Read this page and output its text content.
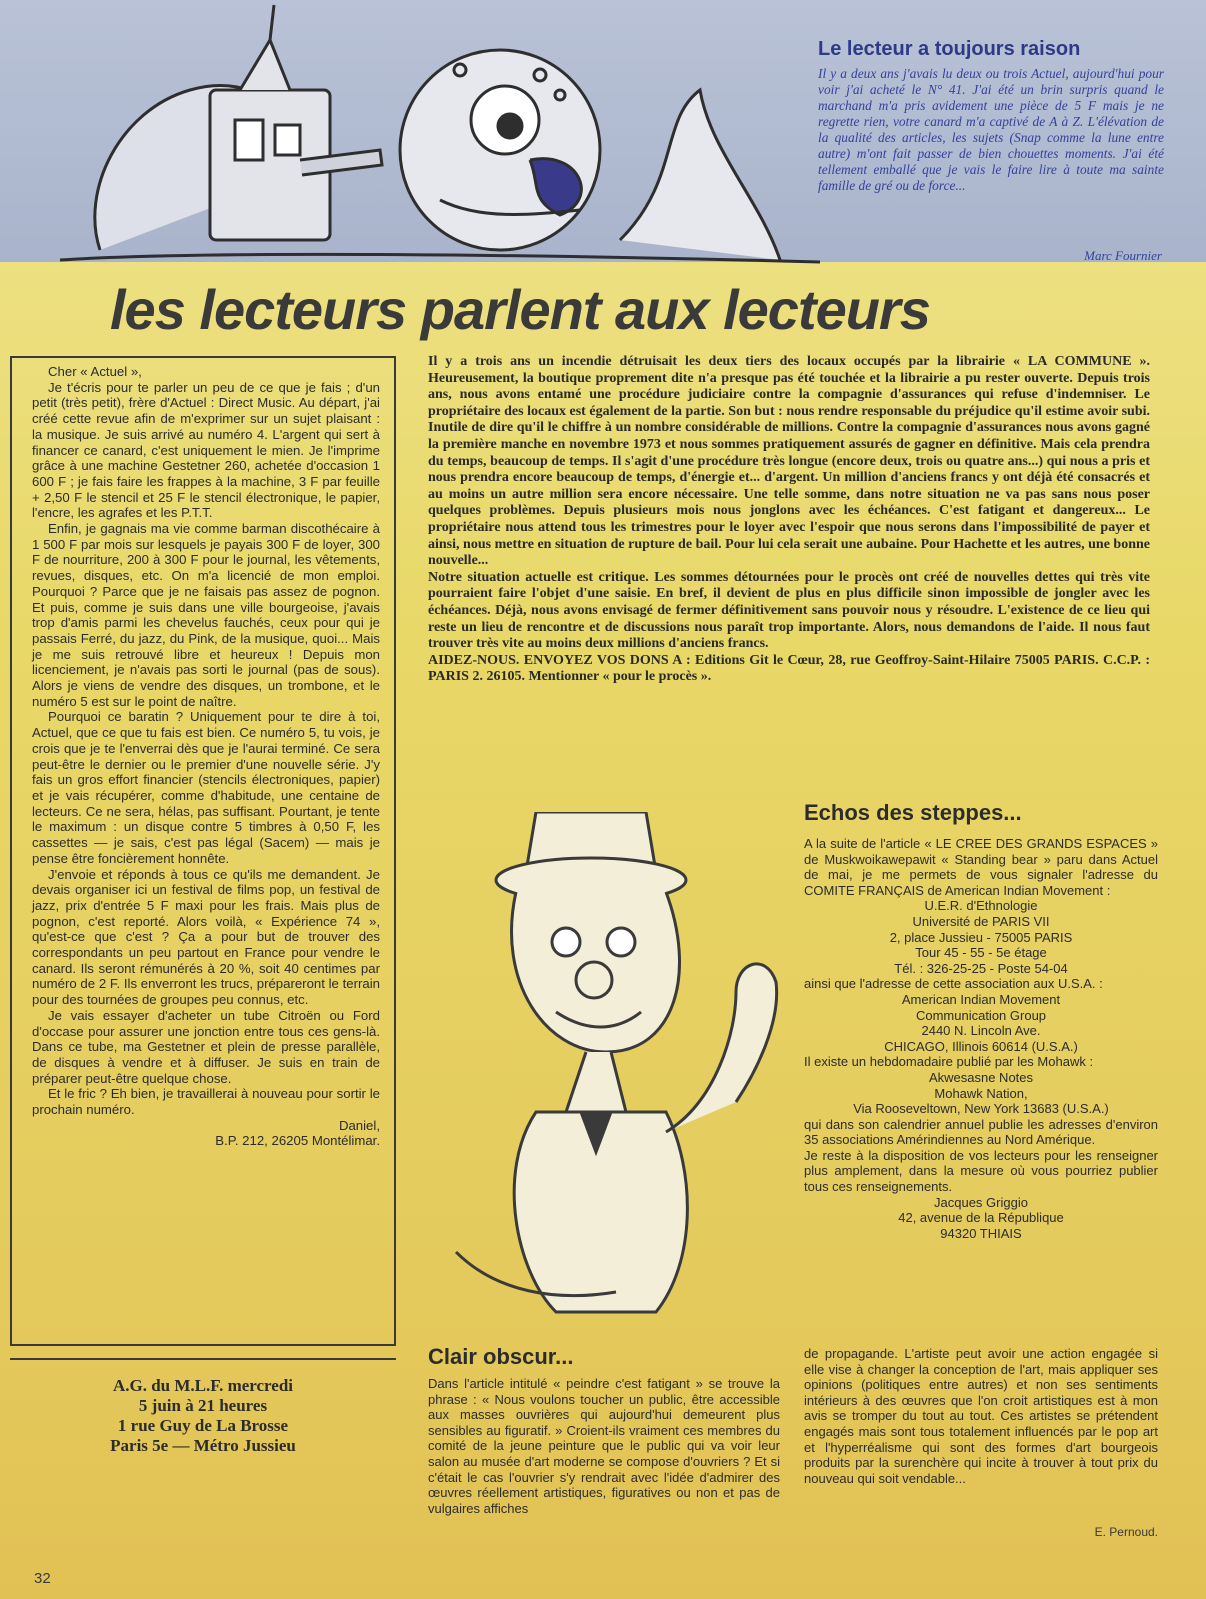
Le lecteur a toujours raison
Il y a deux ans j'avais lu deux ou trois Actuel, aujourd'hui pour voir j'ai acheté le N° 41. J'ai été un brin surpris quand le marchand m'a pris avidement une pièce de 5 F mais je ne regrette rien, votre canard m'a captivé de A à Z. L'élévation de la qualité des articles, les sujets (Snap comme la lune entre autre) m'ont fait passer de bien chouettes moments. J'ai été tellement emballé que je vais le faire lire à toute ma sainte famille de gré ou de force...
Marc Fournier
les lecteurs parlent aux lecteurs

Cher « Actuel »,

Je t'écris pour te parler un peu de ce que je fais ; d'un petit (très petit), frère d'Actuel : Direct Music. Au départ, j'ai créé cette revue afin de m'exprimer sur un sujet plaisant : la musique. Je suis arrivé au numéro 4. L'argent qui sert à financer ce canard, c'est uniquement le mien. Je l'imprime grâce à une machine Gestetner 260, achetée d'occasion 1 600 F ; je fais faire les frappes à la machine, 3 F par feuille + 2,50 F le stencil et 25 F le stencil électronique, le papier, l'encre, les agrafes et les P.T.T.

Enfin, je gagnais ma vie comme barman discothécaire à 1 500 F par mois sur lesquels je payais 300 F de loyer, 300 F de nourriture, 200 à 300 F pour le journal, les vêtements, revues, disques, etc. On m'a licencié de mon emploi. Pourquoi ? Parce que je ne faisais pas assez de pognon. Et puis, comme je suis dans une ville bourgeoise, j'avais trop d'amis parmi les chevelus fauchés, ceux pour qui je passais Ferré, du jazz, du Pink, de la musique, quoi... Mais je me suis retrouvé libre et heureux ! Depuis mon licenciement, je n'avais pas sorti le journal (pas de sous). Alors je viens de vendre des disques, un trombone, et le numéro 5 est sur le point de naître.

Pourquoi ce baratin ? Uniquement pour te dire à toi, Actuel, que ce que tu fais est bien. Ce numéro 5, tu vois, je crois que je te l'enverrai dès que je l'aurai terminé. Ce sera peut-être le dernier ou le premier d'une nouvelle série. J'y fais un gros effort financier (stencils électroniques, papier) et je vais récupérer, comme d'habitude, une centaine de lecteurs. Ce ne sera, hélas, pas suffisant. Pourtant, je tente le maximum : un disque contre 5 timbres à 0,50 F, les cassettes — je sais, c'est pas légal (Sacem) — mais je pense être foncièrement honnête.

J'envoie et réponds à tous ce qu'ils me demandent. Je devais organiser ici un festival de films pop, un festival de jazz, prix d'entrée 5 F maxi pour les frais. Mais plus de pognon, c'est reporté. Alors voilà, « Expérience 74 », qu'est-ce que c'est ? Ça a pour but de trouver des correspondants un peu partout en France pour vendre le canard. Ils seront rémunérés à 20 %, soit 40 centimes par numéro de 2 F. Ils enverront les trucs, prépareront le terrain pour des tournées de groupes peu connus, etc.

Je vais essayer d'acheter un tube Citroën ou Ford d'occase pour assurer une jonction entre tous ces gens-là. Dans ce tube, ma Gestetner et plein de presse parallèle, de disques à vendre et à diffuser. Je suis en train de préparer peut-être quelque chose.

Et le fric ? Eh bien, je travaillerai à nouveau pour sortir le prochain numéro.

Daniel,

B.P. 212, 26205 Montélimar.

A.G. du M.L.F. mercredi
5 juin à 21 heures
1 rue Guy de La Brosse
Paris 5e — Métro Jussieu

Il y a trois ans un incendie détruisait les deux tiers des locaux occupés par la librairie « LA COMMUNE ». Heureusement, la boutique proprement dite n'a presque pas été touchée et la librairie a pu rester ouverte. Depuis trois ans, nous avons entamé une procédure judiciaire contre la compagnie d'assurances qui refuse d'indemniser. Le propriétaire des locaux est également de la partie. Son but : nous rendre responsable du préjudice qu'il estime avoir subi. Inutile de dire qu'il le chiffre à un nombre considérable de millions. Contre la compagnie d'assurances nous avons gagné la première manche en novembre 1973 et nous sommes pratiquement assurés de gagner en définitive. Mais cela prendra du temps, beaucoup de temps. Il s'agit d'une procédure très longue (encore deux, trois ou quatre ans...) qui nous a pris et nous prendra encore beaucoup de temps, d'énergie et... d'argent. Un million d'anciens francs y ont déjà été consacrés et au moins un autre million sera encore nécessaire. Une telle somme, dans notre situation ne va pas sans nous poser quelques problèmes. Depuis plusieurs mois nous jonglons avec les échéances. C'est fatigant et dangereux... Le propriétaire nous attend tous les trimestres pour le loyer avec l'espoir que nous serons dans l'impossibilité de payer et ainsi, nous mettre en situation de rupture de bail. Pour lui cela serait une aubaine. Pour Hachette et les autres, une bonne nouvelle...

Notre situation actuelle est critique. Les sommes détournées pour le procès ont créé de nouvelles dettes qui très vite pourraient faire l'objet d'une saisie. En bref, il devient de plus en plus difficile sinon impossible de jongler avec les échéances. Déjà, nous avons envisagé de fermer définitivement sans pouvoir nous y résoudre. L'existence de ce lieu qui reste un lieu de rencontre et de discussions nous paraît trop importante. Alors, nous demandons de l'aide. Il nous faut trouver très vite au moins deux millions d'anciens francs.

AIDEZ-NOUS. ENVOYEZ VOS DONS A : Editions Git le Cœur, 28, rue Geoffroy-Saint-Hilaire 75005 PARIS. C.C.P. : PARIS 2. 26105. Mentionner « pour le procès ».

Echos des steppes...

A la suite de l'article « LE CREE DES GRANDS ESPACES » de Muskwoikawepawit « Standing bear » paru dans Actuel de mai, je me permets de vous signaler l'adresse du COMITE FRANÇAIS de American Indian Movement :

U.E.R. d'Ethnologie

Université de PARIS VII

2, place Jussieu - 75005 PARIS

Tour 45 - 55 - 5e étage

Tél. : 326-25-25 - Poste 54-04

ainsi que l'adresse de cette association aux U.S.A. :

American Indian Movement

Communication Group

2440 N. Lincoln Ave.

CHICAGO, Illinois 60614 (U.S.A.)

Il existe un hebdomadaire publié par les Mohawk :

Akwesasne Notes

Mohawk Nation,

Via Rooseveltown, New York 13683 (U.S.A.)

qui dans son calendrier annuel publie les adresses d'environ 35 associations Amérindiennes au Nord Amérique.

Je reste à la disposition de vos lecteurs pour les renseigner plus amplement, dans la mesure où vous pourriez publier tous ces renseignements.

Jacques Griggio

42, avenue de la République

94320 THIAIS

Clair obscur...
Dans l'article intitulé « peindre c'est fatigant » se trouve la phrase : « Nous voulons toucher un public, être accessible aux masses ouvrières qui aujourd'hui demeurent plus sensibles au figuratif. » Croient-ils vraiment ces membres du comité de la jeune peinture que le public qui va voir leur salon au musée d'art moderne se compose d'ouvriers ? Et si c'était le cas l'ouvrier s'y rendrait avec l'idée d'admirer des œuvres réellement artistiques, figuratives ou non et pas de vulgaires affiches
de propagande. L'artiste peut avoir une action engagée si elle vise à changer la conception de l'art, mais appliquer ses opinions (politiques entre autres) et non ses sentiments intérieurs à des œuvres que l'on croit artistiques est à mon avis se tromper du tout au tout. Ces artistes se prétendent engagés mais sont tous totalement influencés par le pop art et l'hyperréalisme qui sont des formes d'art bourgeois produits par la surenchère qui incite à trouver à tout prix du nouveau qui soit vendable...
E. Pernoud.
32
